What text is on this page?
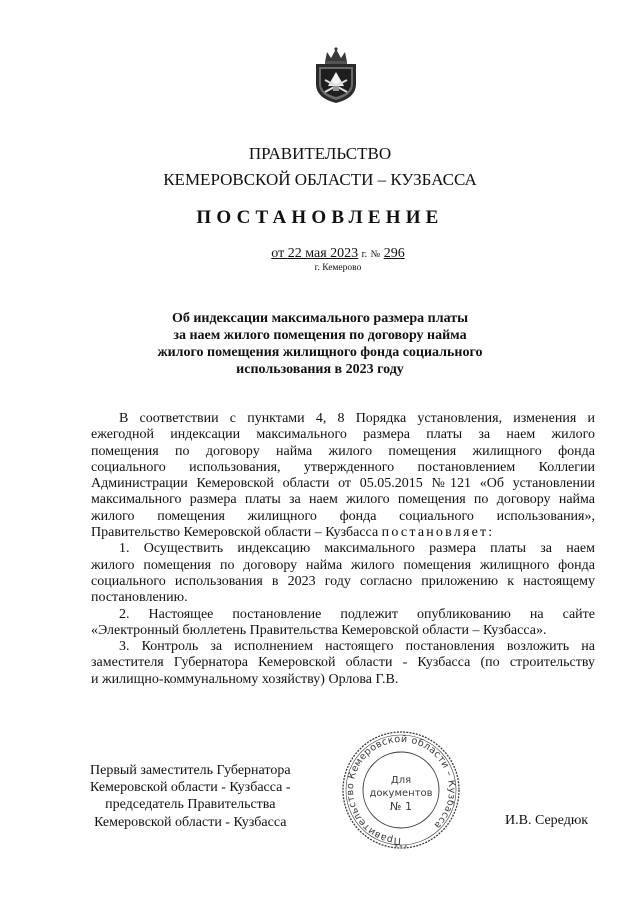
ПРАВИТЕЛЬСТВО
КЕМЕРОВСКОЙ ОБЛАСТИ – КУЗБАССА
ПОСТАНОВЛЕНИЕ
от 22 мая 2023 г. № 296
г. Кемерово
Об индексации максимального размера платы
за наем жилого помещения по договору найма
жилого помещения жилищного фонда социального
использования в 2023 году
В соответствии с пунктами 4, 8 Порядка установления, изменения и
ежегодной индексации максимального размера платы за наем жилого
помещения по договору найма жилого помещения жилищного фонда
социального использования, утвержденного постановлением Коллегии
Администрации Кемеровской области от 05.05.2015 №121 «Об установлении
максимального размера платы за наем жилого помещения по договору найма
жилого помещения жилищного фонда социального использования»,
Правительство Кемеровской области – Кузбасса постановляет:
1. Осуществить индексацию максимального размера платы за наем
жилого помещения по договору найма жилого помещения жилищного фонда
социального использования в 2023 году согласно приложению к настоящему
постановлению.
2. Настоящее постановление подлежит опубликованию на сайте
«Электронный бюллетень Правительства Кемеровской области – Кузбасса».
3. Контроль за исполнением настоящего постановления возложить на
заместителя Губернатора Кемеровской области - Кузбасса (по строительству
и жилищно-коммунальному хозяйству) Орлова Г.В.
Первый заместитель Губернатора
Кемеровской области - Кузбасса -
председатель Правительства
Кемеровской области - Кузбасса
Правительство Кемеровской области – Кузбасса
Для
документов
№ 1
* * *
И.В. Середюк
